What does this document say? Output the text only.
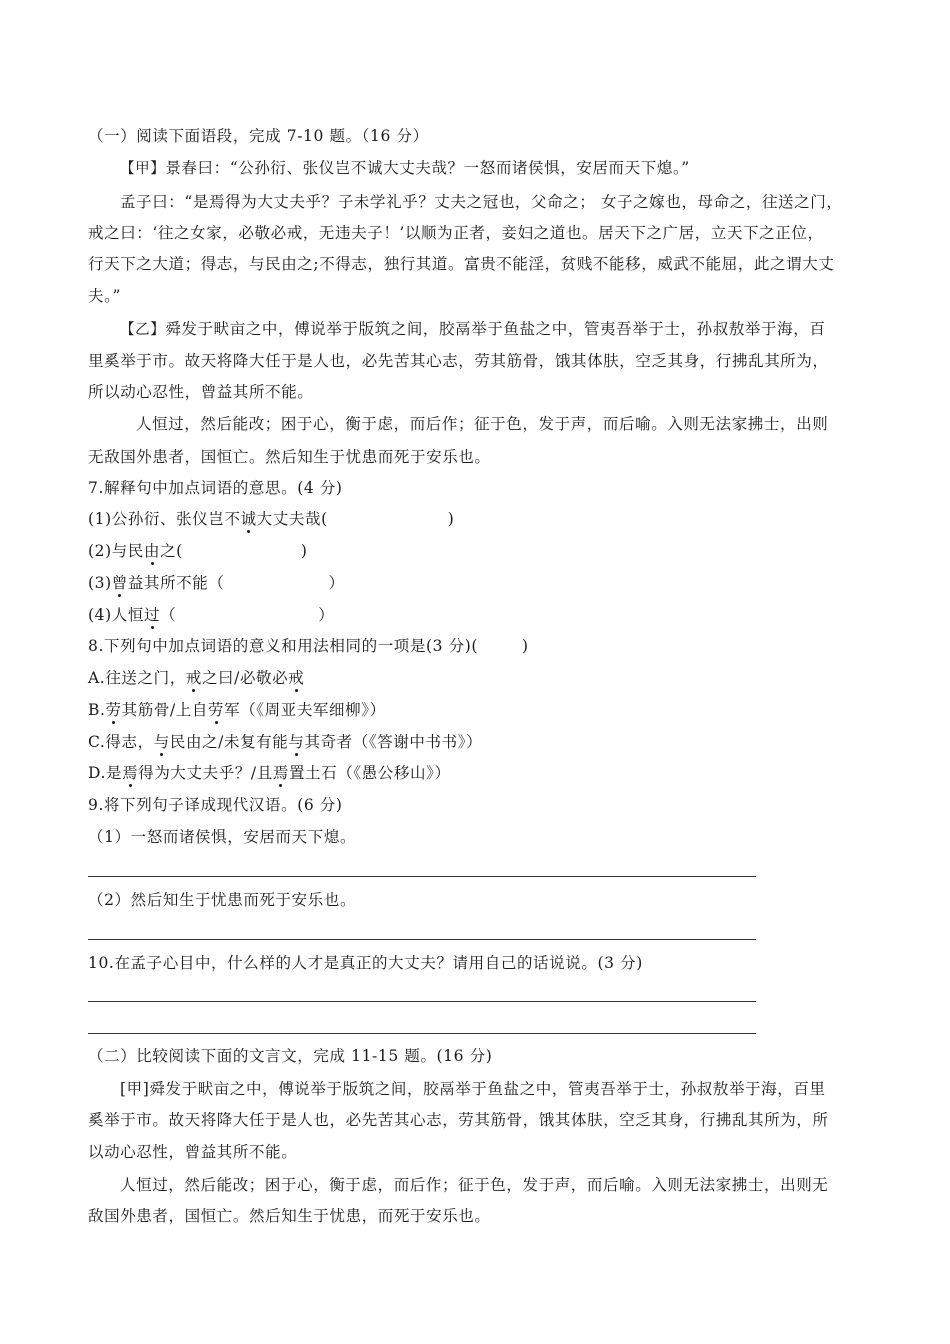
（一）阅读下面语段，完成 7-10 题。（16 分）
【甲】景春曰：“公孙衍、张仪岂不诚大丈夫哉？一怒而诸侯惧，安居而天下熄。”
孟子曰：“是焉得为大丈夫乎？子未学礼乎？丈夫之冠也，父命之； 女子之嫁也，母命之，往送之门，
戒之曰：‘往之女家，必敬必戒，无违夫子！’以顺为正者，妾妇之道也。居天下之广居，立天下之正位，
行天下之大道；得志，与民由之;不得志，独行其道。富贵不能淫，贫贱不能移，威武不能屈，此之谓大丈
夫。”
【乙】舜发于畎亩之中，傅说举于版筑之间，胶鬲举于鱼盐之中，管夷吾举于士，孙叔敖举于海，百
里奚举于市。故天将降大任于是人也，必先苦其心志，劳其筋骨，饿其体肤，空乏其身，行拂乱其所为，
所以动心忍性，曾益其所不能。
人恒过，然后能改；困于心，衡于虑，而后作；征于色，发于声，而后喻。入则无法家拂士，出则
无敌国外患者，国恒亡。然后知生于忧患而死于安乐也。
7.解释句中加点词语的意思。(4 分)
(1)公孙衍、张仪岂不诚大丈夫哉(	)
(2)与民由之(	)
(3)曾益其所不能（	）
(4)人恒过（	）
8.下列句中加点词语的意义和用法相同的一项是(3 分)(	)
A.往送之门，戒之曰/必敬必戒
B.劳其筋骨/上自劳军（《周亚夫军细柳》）
C.得志，与民由之/未复有能与其奇者（《答谢中书书》）
D.是焉得为大丈夫乎？/且焉置土石（《愚公移山》）
9.将下列句子译成现代汉语。(6 分)
（1）一怒而诸侯惧，安居而天下熄。
（2）然后知生于忧患而死于安乐也。
10.在孟子心目中，什么样的人才是真正的大丈夫？请用自己的话说说。(3 分)
（二）比较阅读下面的文言文，完成 11-15 题。(16 分)
[甲]舜发于畎亩之中，傅说举于版筑之间，胶鬲举于鱼盐之中，管夷吾举于士，孙叔敖举于海，百里
奚举于市。故天将降大任于是人也，必先苦其心志，劳其筋骨，饿其体肤，空乏其身，行拂乱其所为，所
以动心忍性，曾益其所不能。
人恒过，然后能改；困于心，衡于虑，而后作；征于色，发于声，而后喻。入则无法家拂士，出则无
敌国外患者，国恒亡。然后知生于忧患，而死于安乐也。
